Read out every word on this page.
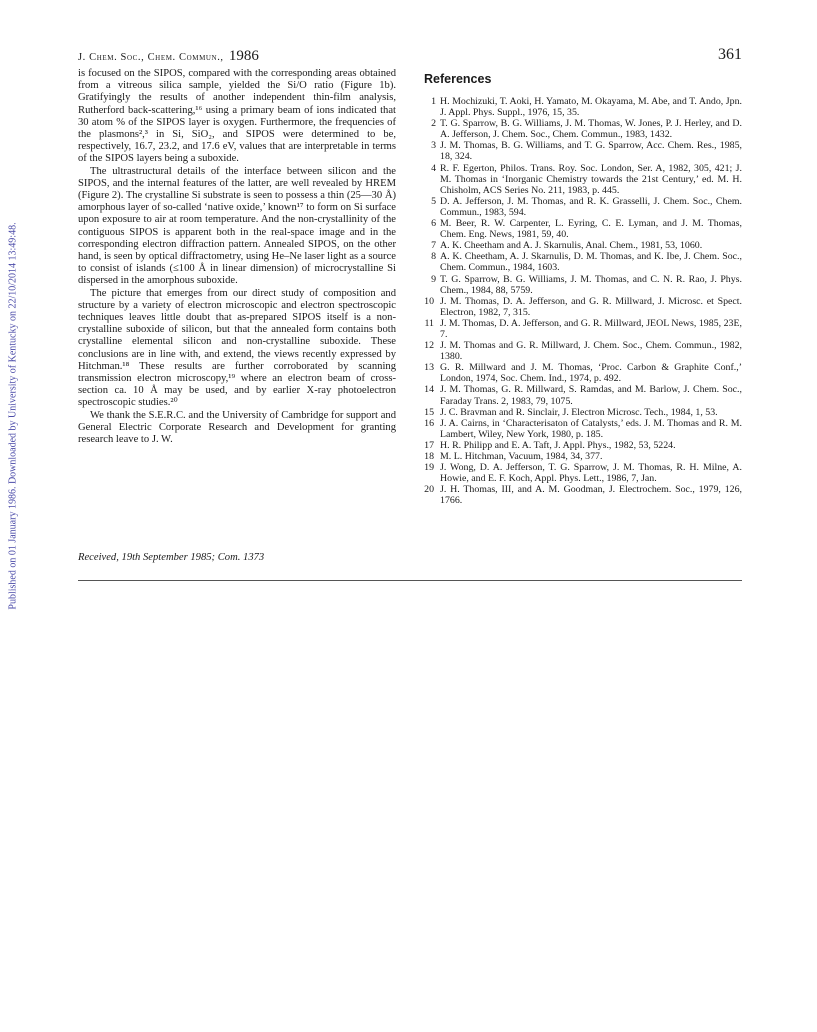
J. Chem. Soc., Chem. Commun., 1986	361
Published on 01 January 1986. Downloaded by University of Kentucky on 22/10/2014 13:49:48.

is focused on the SIPOS, compared with the corresponding areas obtained from a vitreous silica sample, yielded the Si/O ratio (Figure 1b). Gratifyingly the results of another independent thin-film analysis, Rutherford back-scattering,¹⁶ using a primary beam of ions indicated that 30 atom % of the SIPOS layer is oxygen. Furthermore, the frequencies of the plasmons²,³ in Si, SiO₂, and SIPOS were determined to be, respectively, 16.7, 23.2, and 17.6 eV, values that are interpretable in terms of the SIPOS layers being a suboxide.

The ultrastructural details of the interface between silicon and the SIPOS, and the internal features of the latter, are well revealed by HREM (Figure 2). The crystalline Si substrate is seen to possess a thin (25—30 Å) amorphous layer of so-called ‘native oxide,’ known¹⁷ to form on Si surface upon exposure to air at room temperature. And the non-crystallinity of the contiguous SIPOS is apparent both in the real-space image and in the corresponding electron diffraction pattern. Annealed SIPOS, on the other hand, is seen by optical diffractometry, using He–Ne laser light as a source to consist of islands (≤100 Å in linear dimension) of microcrystalline Si dispersed in the amorphous suboxide.

The picture that emerges from our direct study of composition and structure by a variety of electron microscopic and electron spectroscopic techniques leaves little doubt that as-prepared SIPOS itself is a non-crystalline suboxide of silicon, but that the annealed form contains both crystalline elemental silicon and non-crystalline suboxide. These conclusions are in line with, and extend, the views recently expressed by Hitchman.¹⁸ These results are further corroborated by scanning transmission electron microscopy,¹⁹ where an electron beam of cross-section ca. 10 Å may be used, and by earlier X-ray photoelectron spectroscopic studies.²⁰

We thank the S.E.R.C. and the University of Cambridge for support and General Electric Corporate Research and Development for granting research leave to J. W.

Received, 19th September 1985; Com. 1373
References
1 H. Mochizuki, T. Aoki, H. Yamato, M. Okayama, M. Abe, and T. Ando, Jpn. J. Appl. Phys. Suppl., 1976, 15, 35.
2 T. G. Sparrow, B. G. Williams, J. M. Thomas, W. Jones, P. J. Herley, and D. A. Jefferson, J. Chem. Soc., Chem. Commun., 1983, 1432.
3 J. M. Thomas, B. G. Williams, and T. G. Sparrow, Acc. Chem. Res., 1985, 18, 324.
4 R. F. Egerton, Philos. Trans. Roy. Soc. London, Ser. A, 1982, 305, 421; J. M. Thomas in ‘Inorganic Chemistry towards the 21st Century,’ ed. M. H. Chisholm, ACS Series No. 211, 1983, p. 445.
5 D. A. Jefferson, J. M. Thomas, and R. K. Grasselli, J. Chem. Soc., Chem. Commun., 1983, 594.
6 M. Beer, R. W. Carpenter, L. Eyring, C. E. Lyman, and J. M. Thomas, Chem. Eng. News, 1981, 59, 40.
7 A. K. Cheetham and A. J. Skarnulis, Anal. Chem., 1981, 53, 1060.
8 A. K. Cheetham, A. J. Skarnulis, D. M. Thomas, and K. Ibe, J. Chem. Soc., Chem. Commun., 1984, 1603.
9 T. G. Sparrow, B. G. Williams, J. M. Thomas, and C. N. R. Rao, J. Phys. Chem., 1984, 88, 5759.
10 J. M. Thomas, D. A. Jefferson, and G. R. Millward, J. Microsc. et Spect. Electron, 1982, 7, 315.
11 J. M. Thomas, D. A. Jefferson, and G. R. Millward, JEOL News, 1985, 23E, 7.
12 J. M. Thomas and G. R. Millward, J. Chem. Soc., Chem. Commun., 1982, 1380.
13 G. R. Millward and J. M. Thomas, ‘Proc. Carbon & Graphite Conf.,’ London, 1974, Soc. Chem. Ind., 1974, p. 492.
14 J. M. Thomas, G. R. Millward, S. Ramdas, and M. Barlow, J. Chem. Soc., Faraday Trans. 2, 1983, 79, 1075.
15 J. C. Bravman and R. Sinclair, J. Electron Microsc. Tech., 1984, 1, 53.
16 J. A. Cairns, in ‘Characterisaton of Catalysts,’ eds. J. M. Thomas and R. M. Lambert, Wiley, New York, 1980, p. 185.
17 H. R. Philipp and E. A. Taft, J. Appl. Phys., 1982, 53, 5224.
18 M. L. Hitchman, Vacuum, 1984, 34, 377.
19 J. Wong, D. A. Jefferson, T. G. Sparrow, J. M. Thomas, R. H. Milne, A. Howie, and E. F. Koch, Appl. Phys. Lett., 1986, 7, Jan.
20 J. H. Thomas, III, and A. M. Goodman, J. Electrochem. Soc., 1979, 126, 1766.
